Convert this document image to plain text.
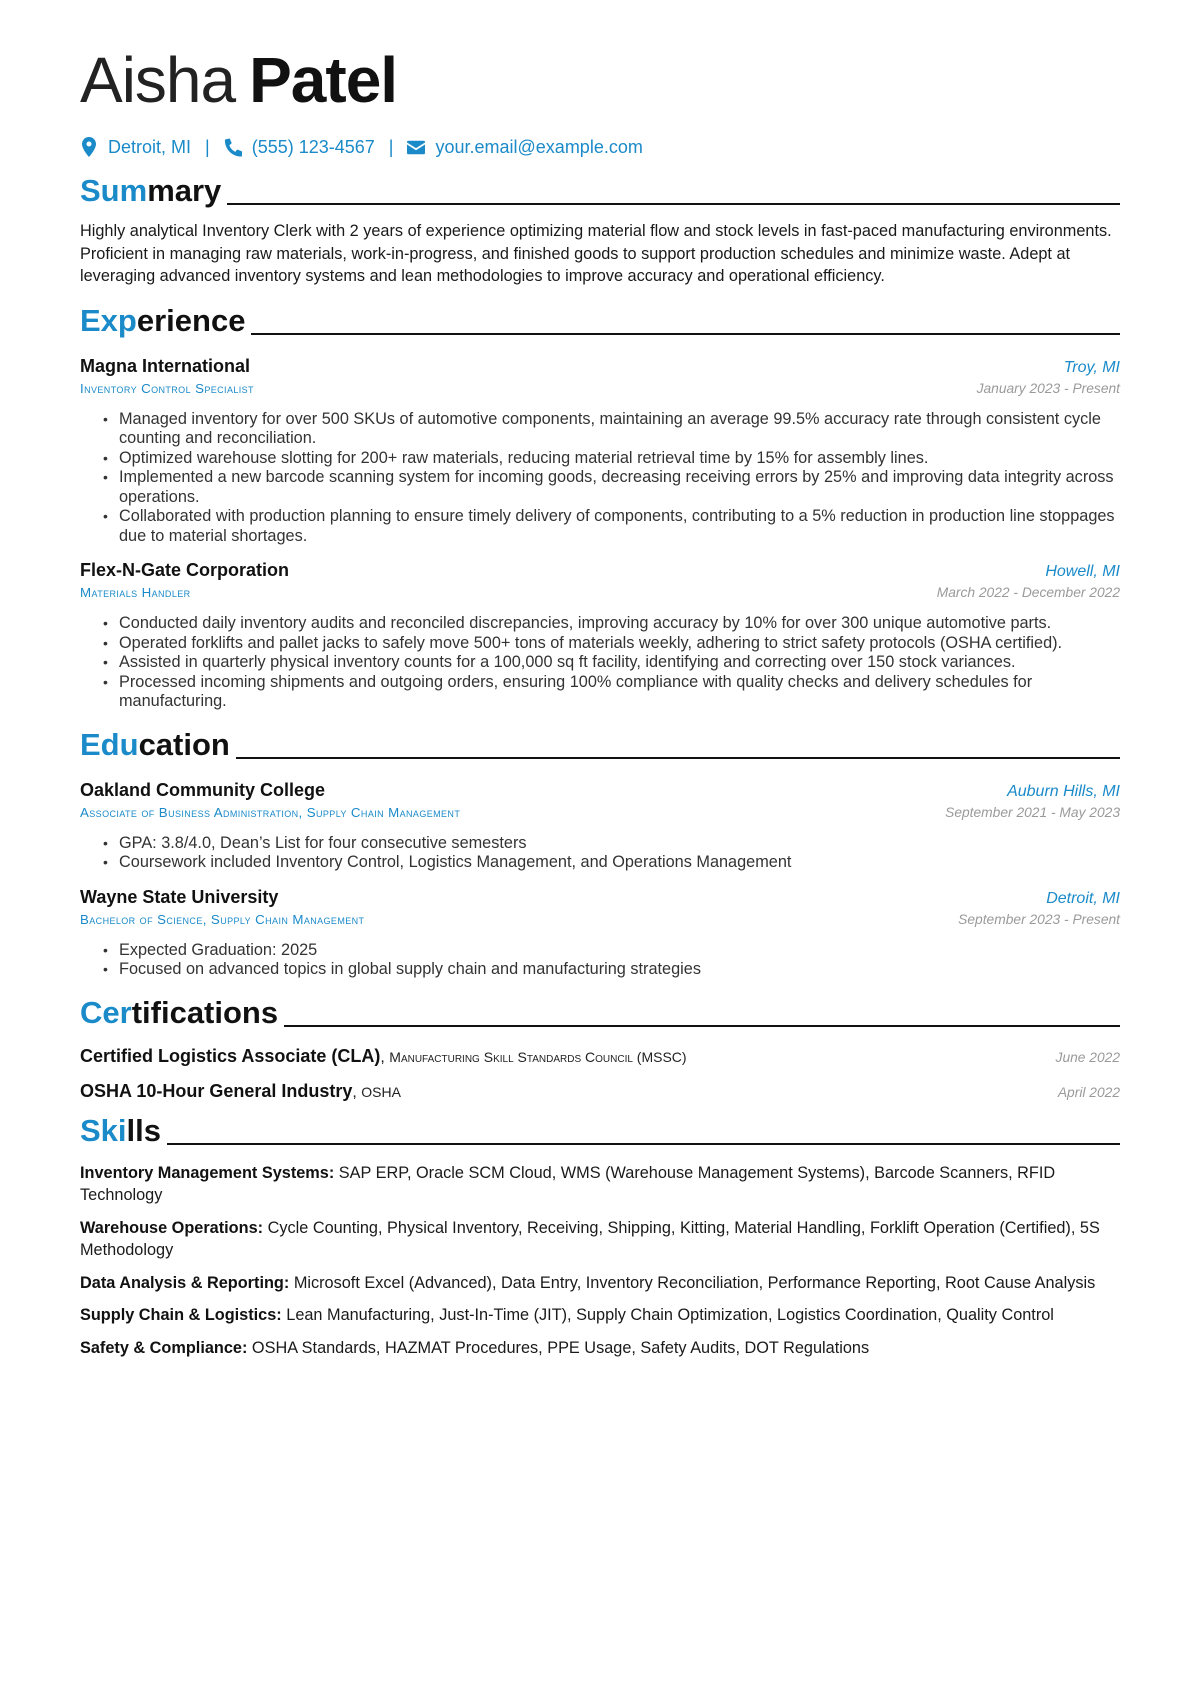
Aisha Patel
Detroit, MI | (555) 123-4567 | your.email@example.com
Summary
Highly analytical Inventory Clerk with 2 years of experience optimizing material flow and stock levels in fast-paced manufacturing environments. Proficient in managing raw materials, work-in-progress, and finished goods to support production schedules and minimize waste. Adept at leveraging advanced inventory systems and lean methodologies to improve accuracy and operational efficiency.
Experience
Magna International	Troy, MI
Inventory Control Specialist	January 2023 - Present
• Managed inventory for over 500 SKUs of automotive components, maintaining an average 99.5% accuracy rate through consistent cycle counting and reconciliation.
• Optimized warehouse slotting for 200+ raw materials, reducing material retrieval time by 15% for assembly lines.
• Implemented a new barcode scanning system for incoming goods, decreasing receiving errors by 25% and improving data integrity across operations.
• Collaborated with production planning to ensure timely delivery of components, contributing to a 5% reduction in production line stoppages due to material shortages.
Flex-N-Gate Corporation	Howell, MI
Materials Handler	March 2022 - December 2022
• Conducted daily inventory audits and reconciled discrepancies, improving accuracy by 10% for over 300 unique automotive parts.
• Operated forklifts and pallet jacks to safely move 500+ tons of materials weekly, adhering to strict safety protocols (OSHA certified).
• Assisted in quarterly physical inventory counts for a 100,000 sq ft facility, identifying and correcting over 150 stock variances.
• Processed incoming shipments and outgoing orders, ensuring 100% compliance with quality checks and delivery schedules for manufacturing.
Education
Oakland Community College	Auburn Hills, MI
Associate of Business Administration, Supply Chain Management	September 2021 - May 2023
• GPA: 3.8/4.0, Dean’s List for four consecutive semesters
• Coursework included Inventory Control, Logistics Management, and Operations Management
Wayne State University	Detroit, MI
Bachelor of Science, Supply Chain Management	September 2023 - Present
• Expected Graduation: 2025
• Focused on advanced topics in global supply chain and manufacturing strategies
Certifications
Certified Logistics Associate (CLA), Manufacturing Skill Standards Council (MSSC)	June 2022
OSHA 10-Hour General Industry, OSHA	April 2022
Skills
Inventory Management Systems: SAP ERP, Oracle SCM Cloud, WMS (Warehouse Management Systems), Barcode Scanners, RFID Technology
Warehouse Operations: Cycle Counting, Physical Inventory, Receiving, Shipping, Kitting, Material Handling, Forklift Operation (Certified), 5S Methodology
Data Analysis & Reporting: Microsoft Excel (Advanced), Data Entry, Inventory Reconciliation, Performance Reporting, Root Cause Analysis
Supply Chain & Logistics: Lean Manufacturing, Just-In-Time (JIT), Supply Chain Optimization, Logistics Coordination, Quality Control
Safety & Compliance: OSHA Standards, HAZMAT Procedures, PPE Usage, Safety Audits, DOT Regulations
